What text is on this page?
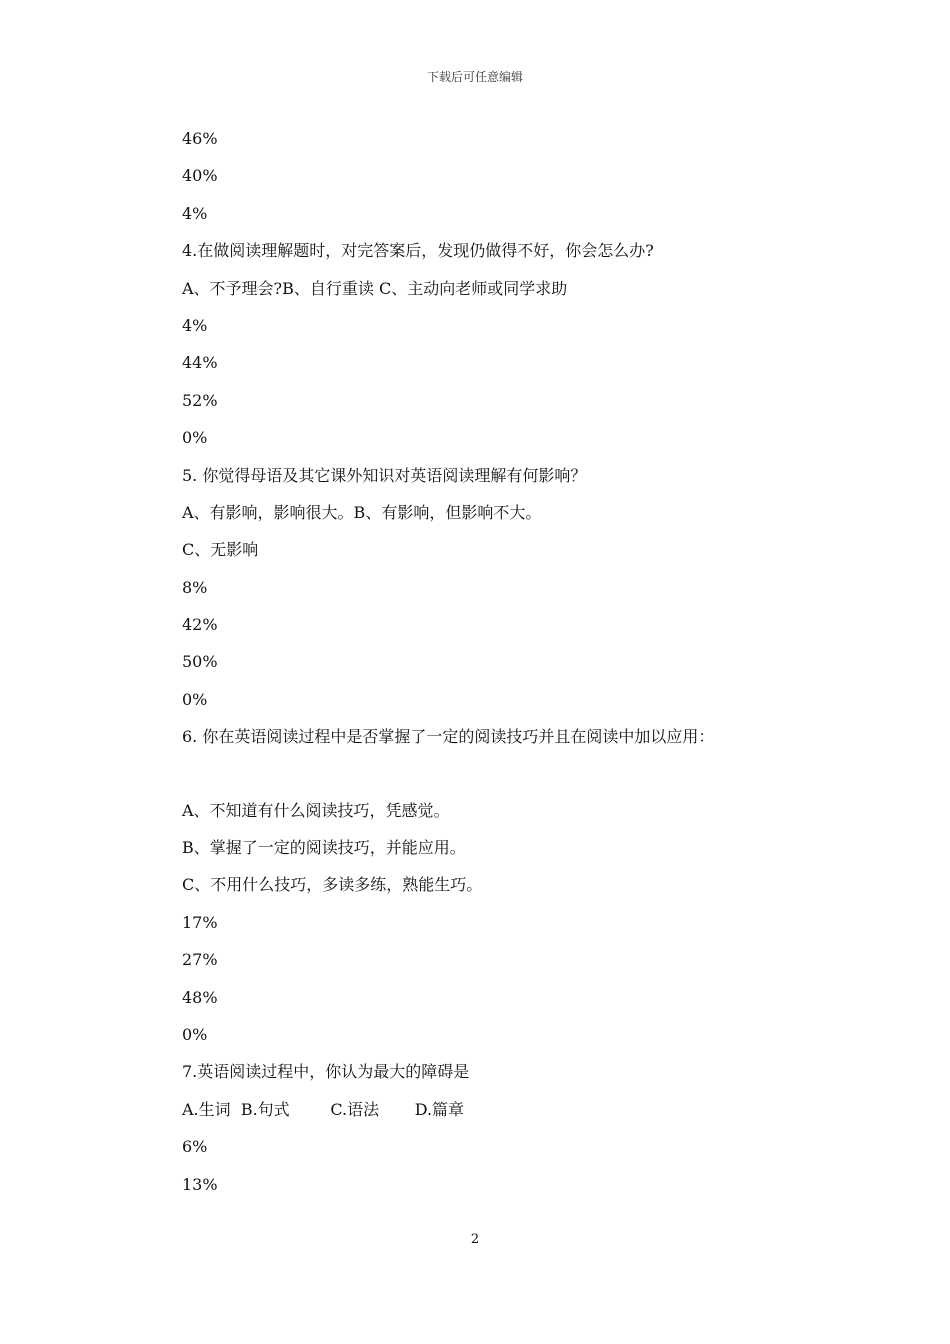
下载后可任意编辑
46%
40%
4%
4.在做阅读理解题时，对完答案后，发现仍做得不好，你会怎么办?
A、不予理会?B、自行重读 C、主动向老师或同学求助
4%
44%
52%
0%
5. 你觉得母语及其它课外知识对英语阅读理解有何影响？
A、有影响，影响很大。B、有影响，但影响不大。
C、无影响
8%
42%
50%
0%
6. 你在英语阅读过程中是否掌握了一定的阅读技巧并且在阅读中加以应用：
A、不知道有什么阅读技巧，凭感觉。
B、掌握了一定的阅读技巧，并能应用。
C、不用什么技巧，多读多练，熟能生巧。
17%
27%
48%
0%
7.英语阅读过程中，你认为最大的障碍是
A.生词  B.句式        C.语法       D.篇章
6%
13%
2
